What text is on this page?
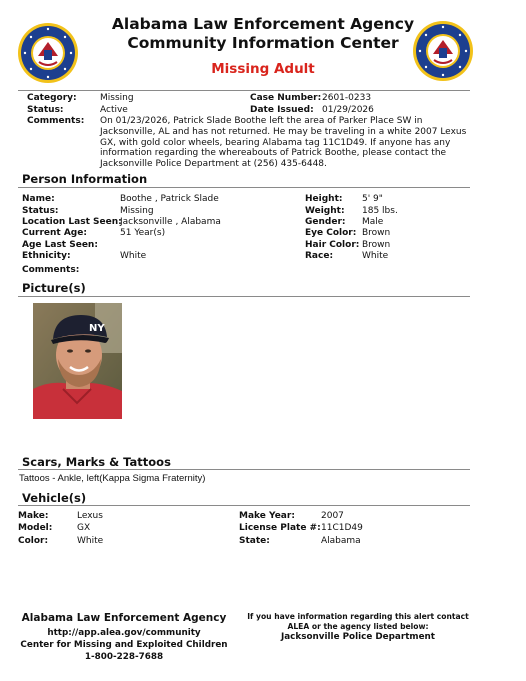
Alabama Law Enforcement Agency
Community Information Center
Missing Adult
Category:	Missing
Status:	Active
Case Number: 2601-0233
Date Issued: 01/29/2026
Comments: On 01/23/2026, Patrick Slade Boothe left the area of Parker Place SW in Jacksonville, AL and has not returned. He may be traveling in a white 2007 Lexus GX, with gold color wheels, bearing Alabama tag 11C1D49. If anyone has any information regarding the whereabouts of Patrick Boothe, please contact the Jacksonville Police Department at (256) 435-6448.
Person Information
Name:	Boothe , Patrick Slade
Status:	Missing
Location Last Seen:
Jacksonville , Alabama
Current Age:	51 Year(s)
Age Last Seen:
Ethnicity:	White
Comments:
Height: 5' 9"
Weight: 185 lbs.
Gender: Male
Eye Color: Brown
Hair Color: Brown
Race:	White
Picture(s)
NY
Scars, Marks & Tattoos
Tattoos - Ankle, left(Kappa Sigma Fraternity)
Vehicle(s)
Make:	Lexus
Model:	GX
Color:	White
Make Year:	2007
License Plate #: 11C1D49
State:	Alabama
Alabama Law Enforcement Agency
http://app.alea.gov/community
Center for Missing and Exploited Children
1-800-228-7688
If you have information regarding this alert contact ALEA or the agency listed below:
Jacksonville Police Department
